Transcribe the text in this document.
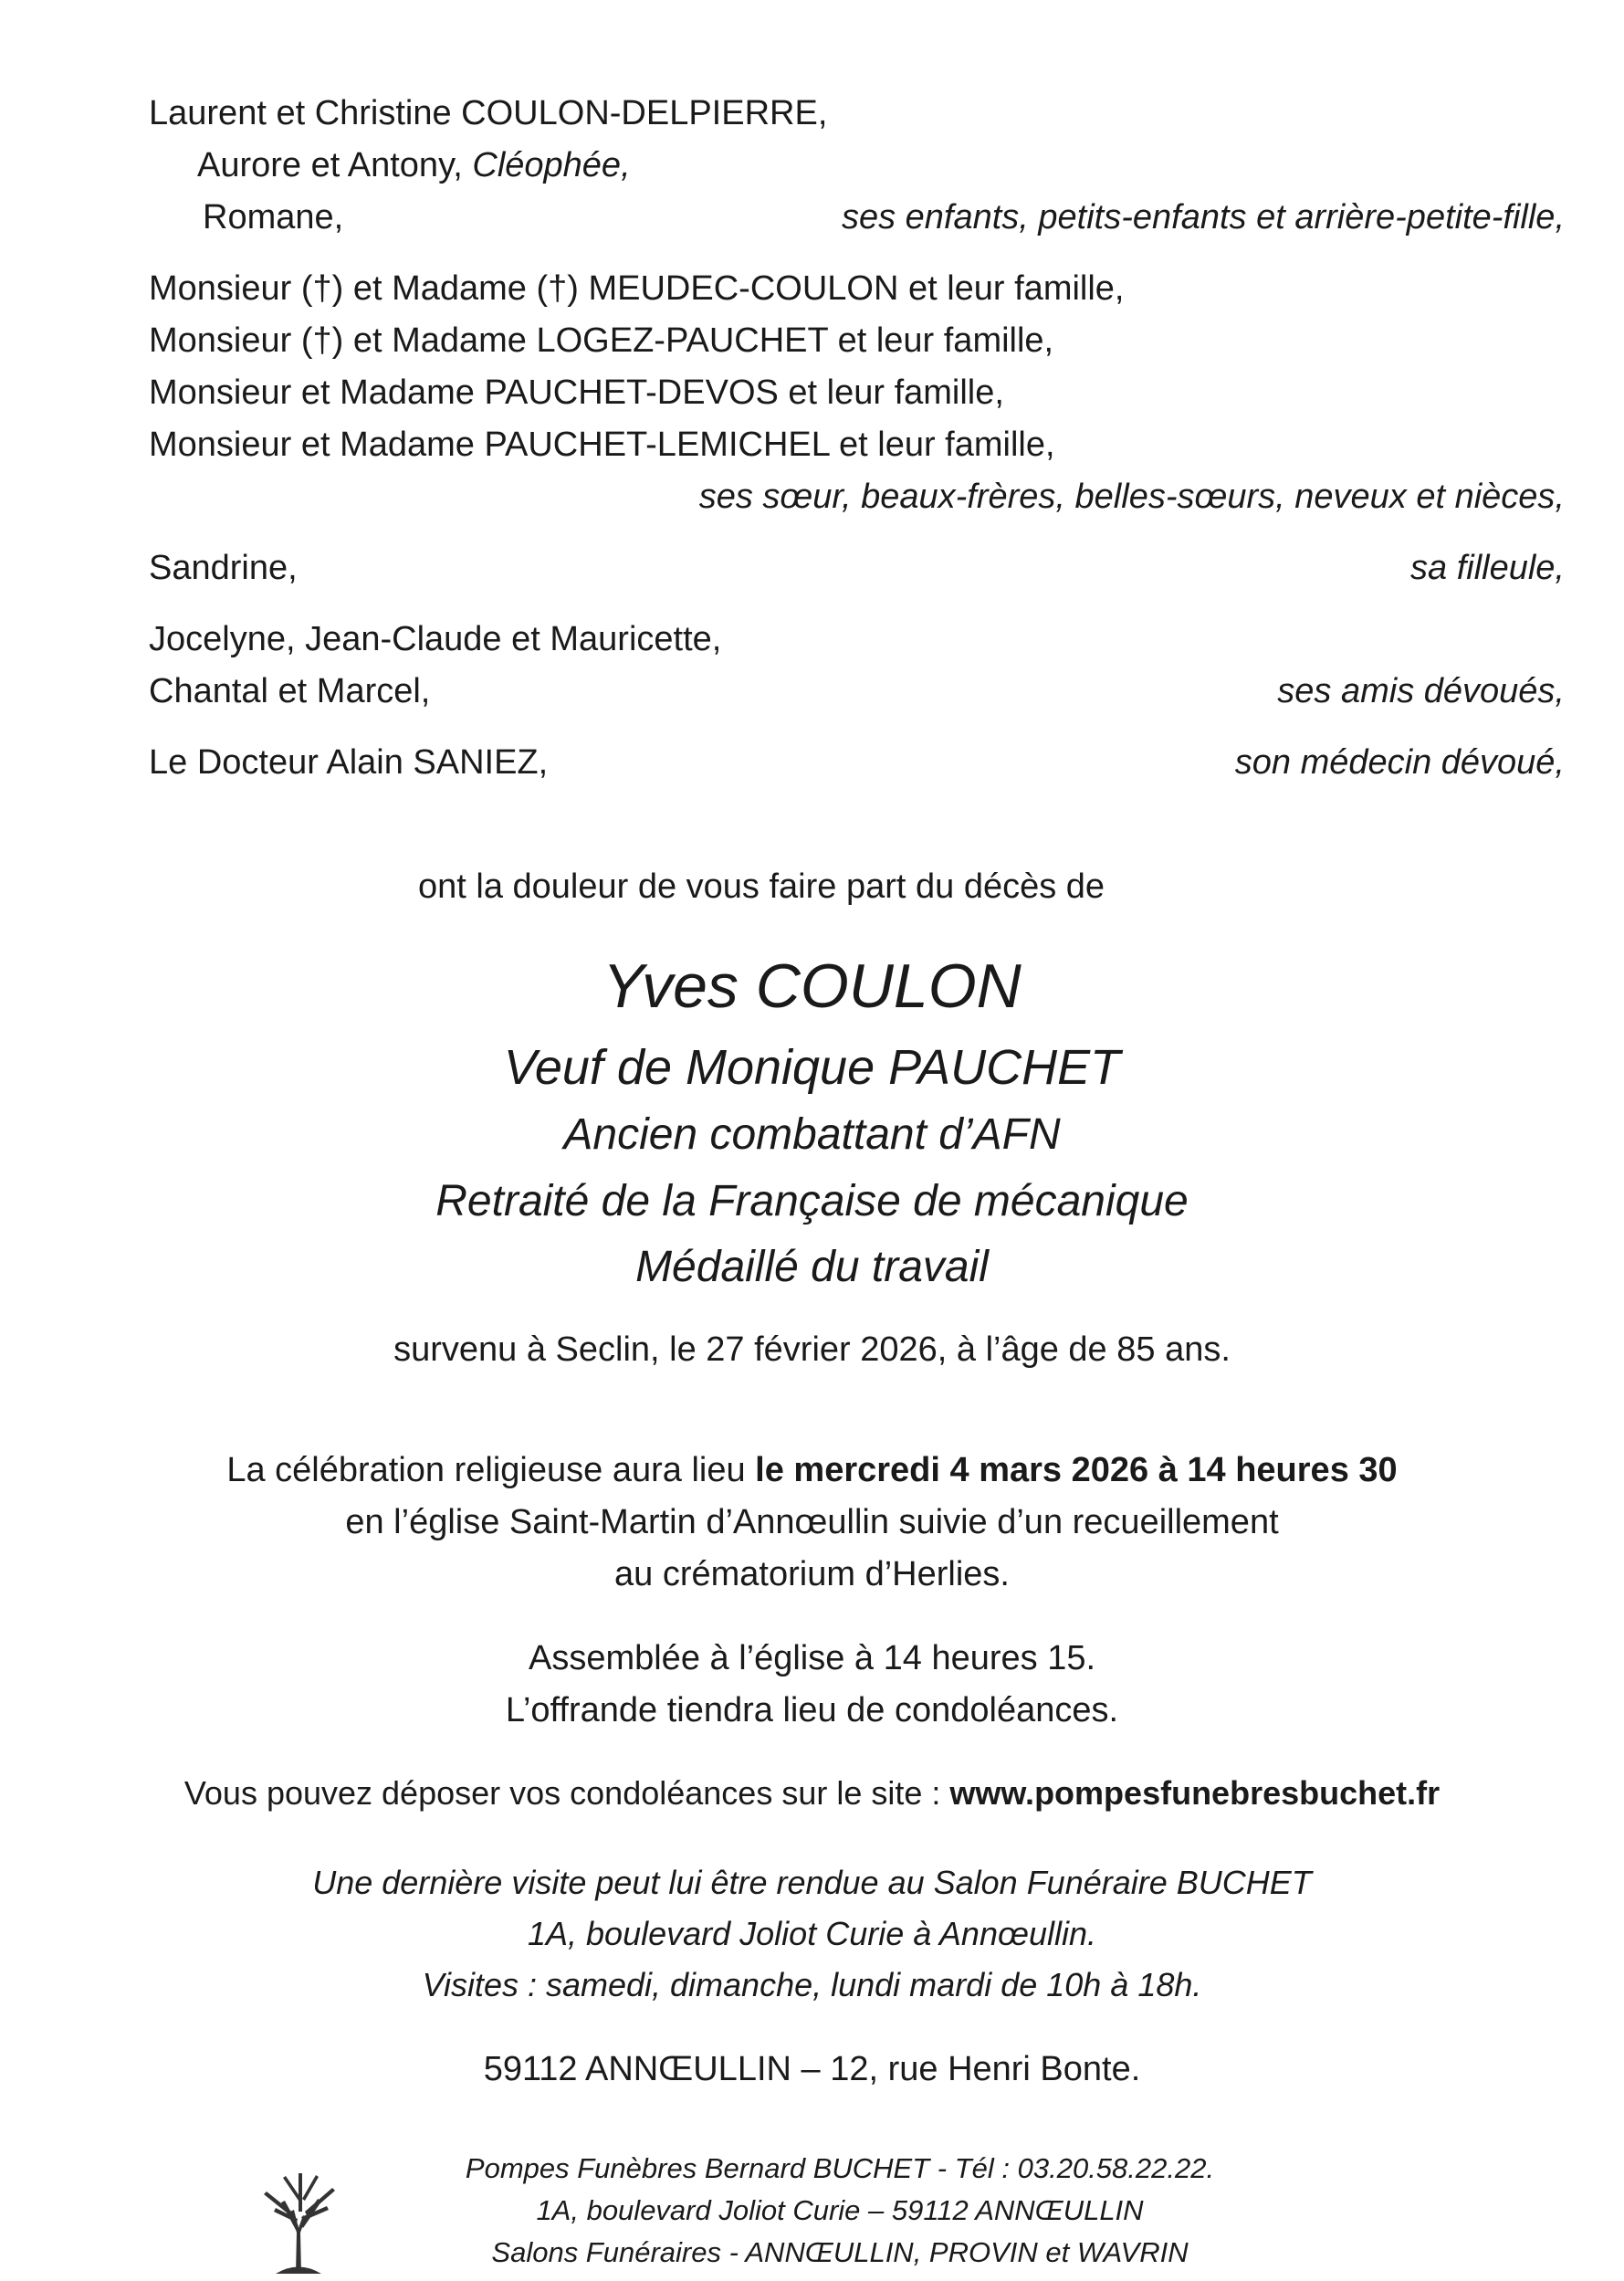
Laurent et Christine COULON-DELPIERRE,
Aurore et Antony, Cléophée,
Romane,	ses enfants, petits-enfants et arrière-petite-fille,
Monsieur (†) et Madame (†) MEUDEC-COULON et leur famille,
Monsieur (†) et Madame LOGEZ-PAUCHET et leur famille,
Monsieur et Madame PAUCHET-DEVOS et leur famille,
Monsieur et Madame PAUCHET-LEMICHEL et leur famille,
ses sœur, beaux-frères, belles-sœurs, neveux et nièces,
Sandrine,	sa filleule,
Jocelyne, Jean-Claude et Mauricette,
Chantal et Marcel,	ses amis dévoués,
Le Docteur Alain SANIEZ,	son médecin dévoué,
ont la douleur de vous faire part du décès de
Yves COULON
Veuf de Monique PAUCHET
Ancien combattant d’AFN
Retraité de la Française de mécanique
Médaillé du travail
survenu à Seclin, le 27 février 2026, à l’âge de 85 ans.
La célébration religieuse aura lieu le mercredi 4 mars 2026 à 14 heures 30
en l’église Saint-Martin d’Annœullin suivie d’un recueillement
au crématorium d’Herlies.
Assemblée à l’église à 14 heures 15.
L’offrande tiendra lieu de condoléances.
Vous pouvez déposer vos condoléances sur le site : www.pompesfunebresbuchet.fr
Une dernière visite peut lui être rendue au Salon Funéraire BUCHET
1A, boulevard Joliot Curie à Annœullin.
Visites : samedi, dimanche, lundi mardi de 10h à 18h.
59112 ANNŒULLIN – 12, rue Henri Bonte.
Pompes Funèbres Bernard BUCHET - Tél : 03.20.58.22.22.
1A, boulevard Joliot Curie – 59112 ANNŒULLIN
Salons Funéraires - ANNŒULLIN, PROVIN et WAVRIN
